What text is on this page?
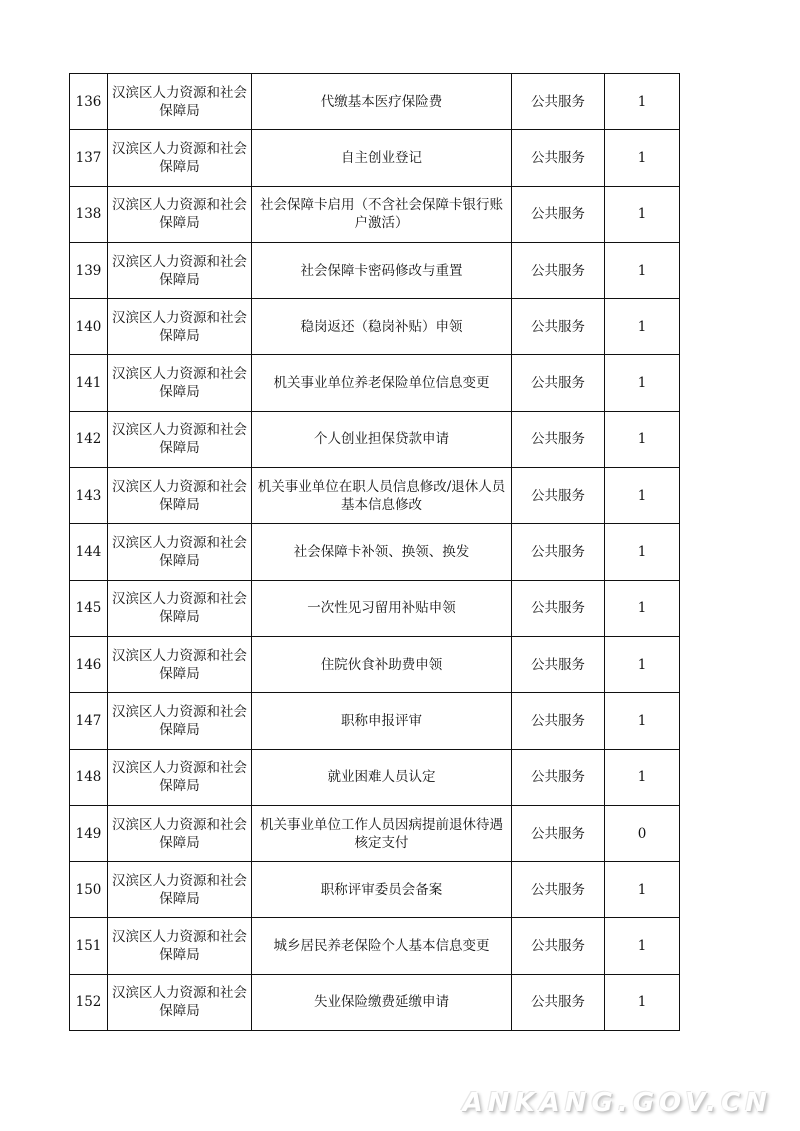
136	汉滨区人力资源和社会保障局	代缴基本医疗保险费	公共服务	1
137	汉滨区人力资源和社会保障局	自主创业登记	公共服务	1
138	汉滨区人力资源和社会保障局	社会保障卡启用（不含社会保障卡银行账户激活）	公共服务	1
139	汉滨区人力资源和社会保障局	社会保障卡密码修改与重置	公共服务	1
140	汉滨区人力资源和社会保障局	稳岗返还（稳岗补贴）申领	公共服务	1
141	汉滨区人力资源和社会保障局	机关事业单位养老保险单位信息变更	公共服务	1
142	汉滨区人力资源和社会保障局	个人创业担保贷款申请	公共服务	1
143	汉滨区人力资源和社会保障局	机关事业单位在职人员信息修改/退休人员基本信息修改	公共服务	1
144	汉滨区人力资源和社会保障局	社会保障卡补领、换领、换发	公共服务	1
145	汉滨区人力资源和社会保障局	一次性见习留用补贴申领	公共服务	1
146	汉滨区人力资源和社会保障局	住院伙食补助费申领	公共服务	1
147	汉滨区人力资源和社会保障局	职称申报评审	公共服务	1
148	汉滨区人力资源和社会保障局	就业困难人员认定	公共服务	1
149	汉滨区人力资源和社会保障局	机关事业单位工作人员因病提前退休待遇核定支付	公共服务	0
150	汉滨区人力资源和社会保障局	职称评审委员会备案	公共服务	1
151	汉滨区人力资源和社会保障局	城乡居民养老保险个人基本信息变更	公共服务	1
152	汉滨区人力资源和社会保障局	失业保险缴费延缴申请	公共服务	1
ANKANG.GOV.CN
